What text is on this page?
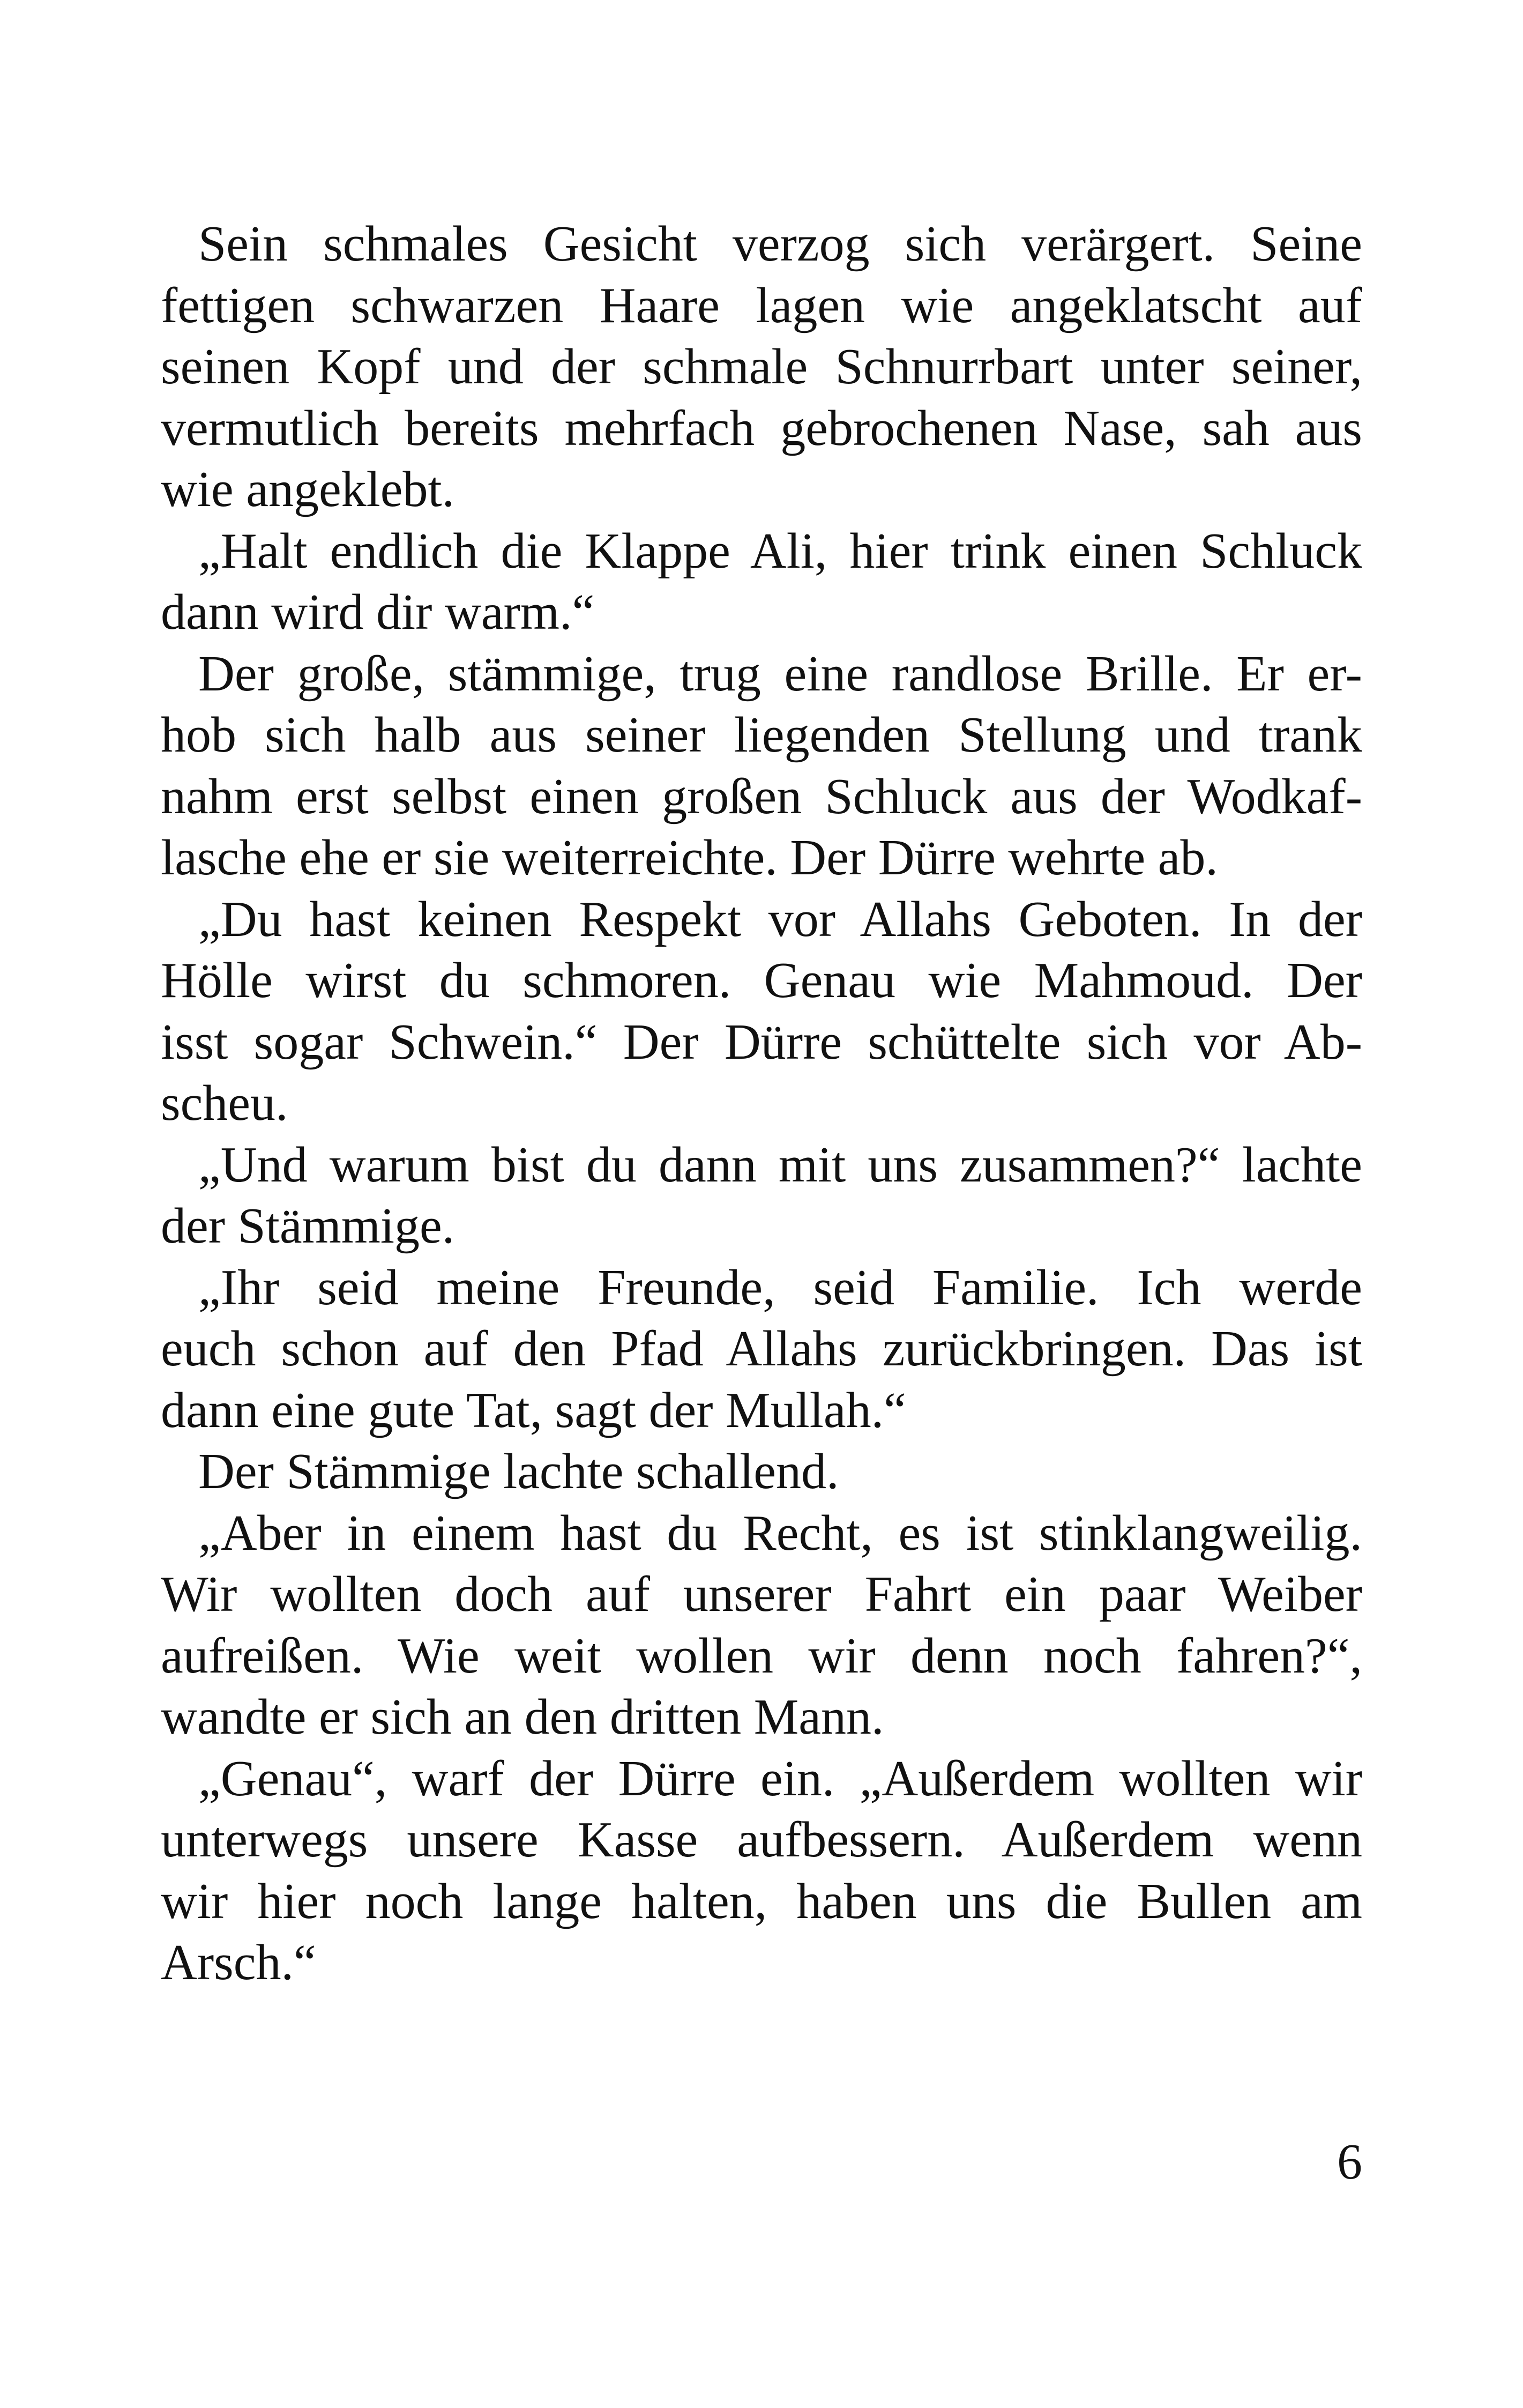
Sein schmales Gesicht verzog sich verärgert. Seine
fettigen schwarzen Haare lagen wie angeklatscht auf
seinen Kopf und der schmale Schnurrbart unter seiner,
vermutlich bereits mehrfach gebrochenen Nase, sah aus
wie angeklebt.
„Halt endlich die Klappe Ali, hier trink einen Schluck
dann wird dir warm.“
Der große, stämmige, trug eine randlose Brille. Er er-
hob sich halb aus seiner liegenden Stellung und trank
nahm erst selbst einen großen Schluck aus der Wodkaf-
lasche ehe er sie weiterreichte. Der Dürre wehrte ab.
„Du hast keinen Respekt vor Allahs Geboten. In der
Hölle wirst du schmoren. Genau wie Mahmoud. Der
isst sogar Schwein.“ Der Dürre schüttelte sich vor Ab-
scheu.
„Und warum bist du dann mit uns zusammen?“ lachte
der Stämmige.
„Ihr seid meine Freunde, seid Familie. Ich werde
euch schon auf den Pfad Allahs zurückbringen. Das ist
dann eine gute Tat, sagt der Mullah.“
Der Stämmige lachte schallend.
„Aber in einem hast du Recht, es ist stinklangweilig.
Wir wollten doch auf unserer Fahrt ein paar Weiber
aufreißen. Wie weit wollen wir denn noch fahren?“,
wandte er sich an den dritten Mann.
„Genau“, warf der Dürre ein. „Außerdem wollten wir
unterwegs unsere Kasse aufbessern. Außerdem wenn
wir hier noch lange halten, haben uns die Bullen am
Arsch.“
6
